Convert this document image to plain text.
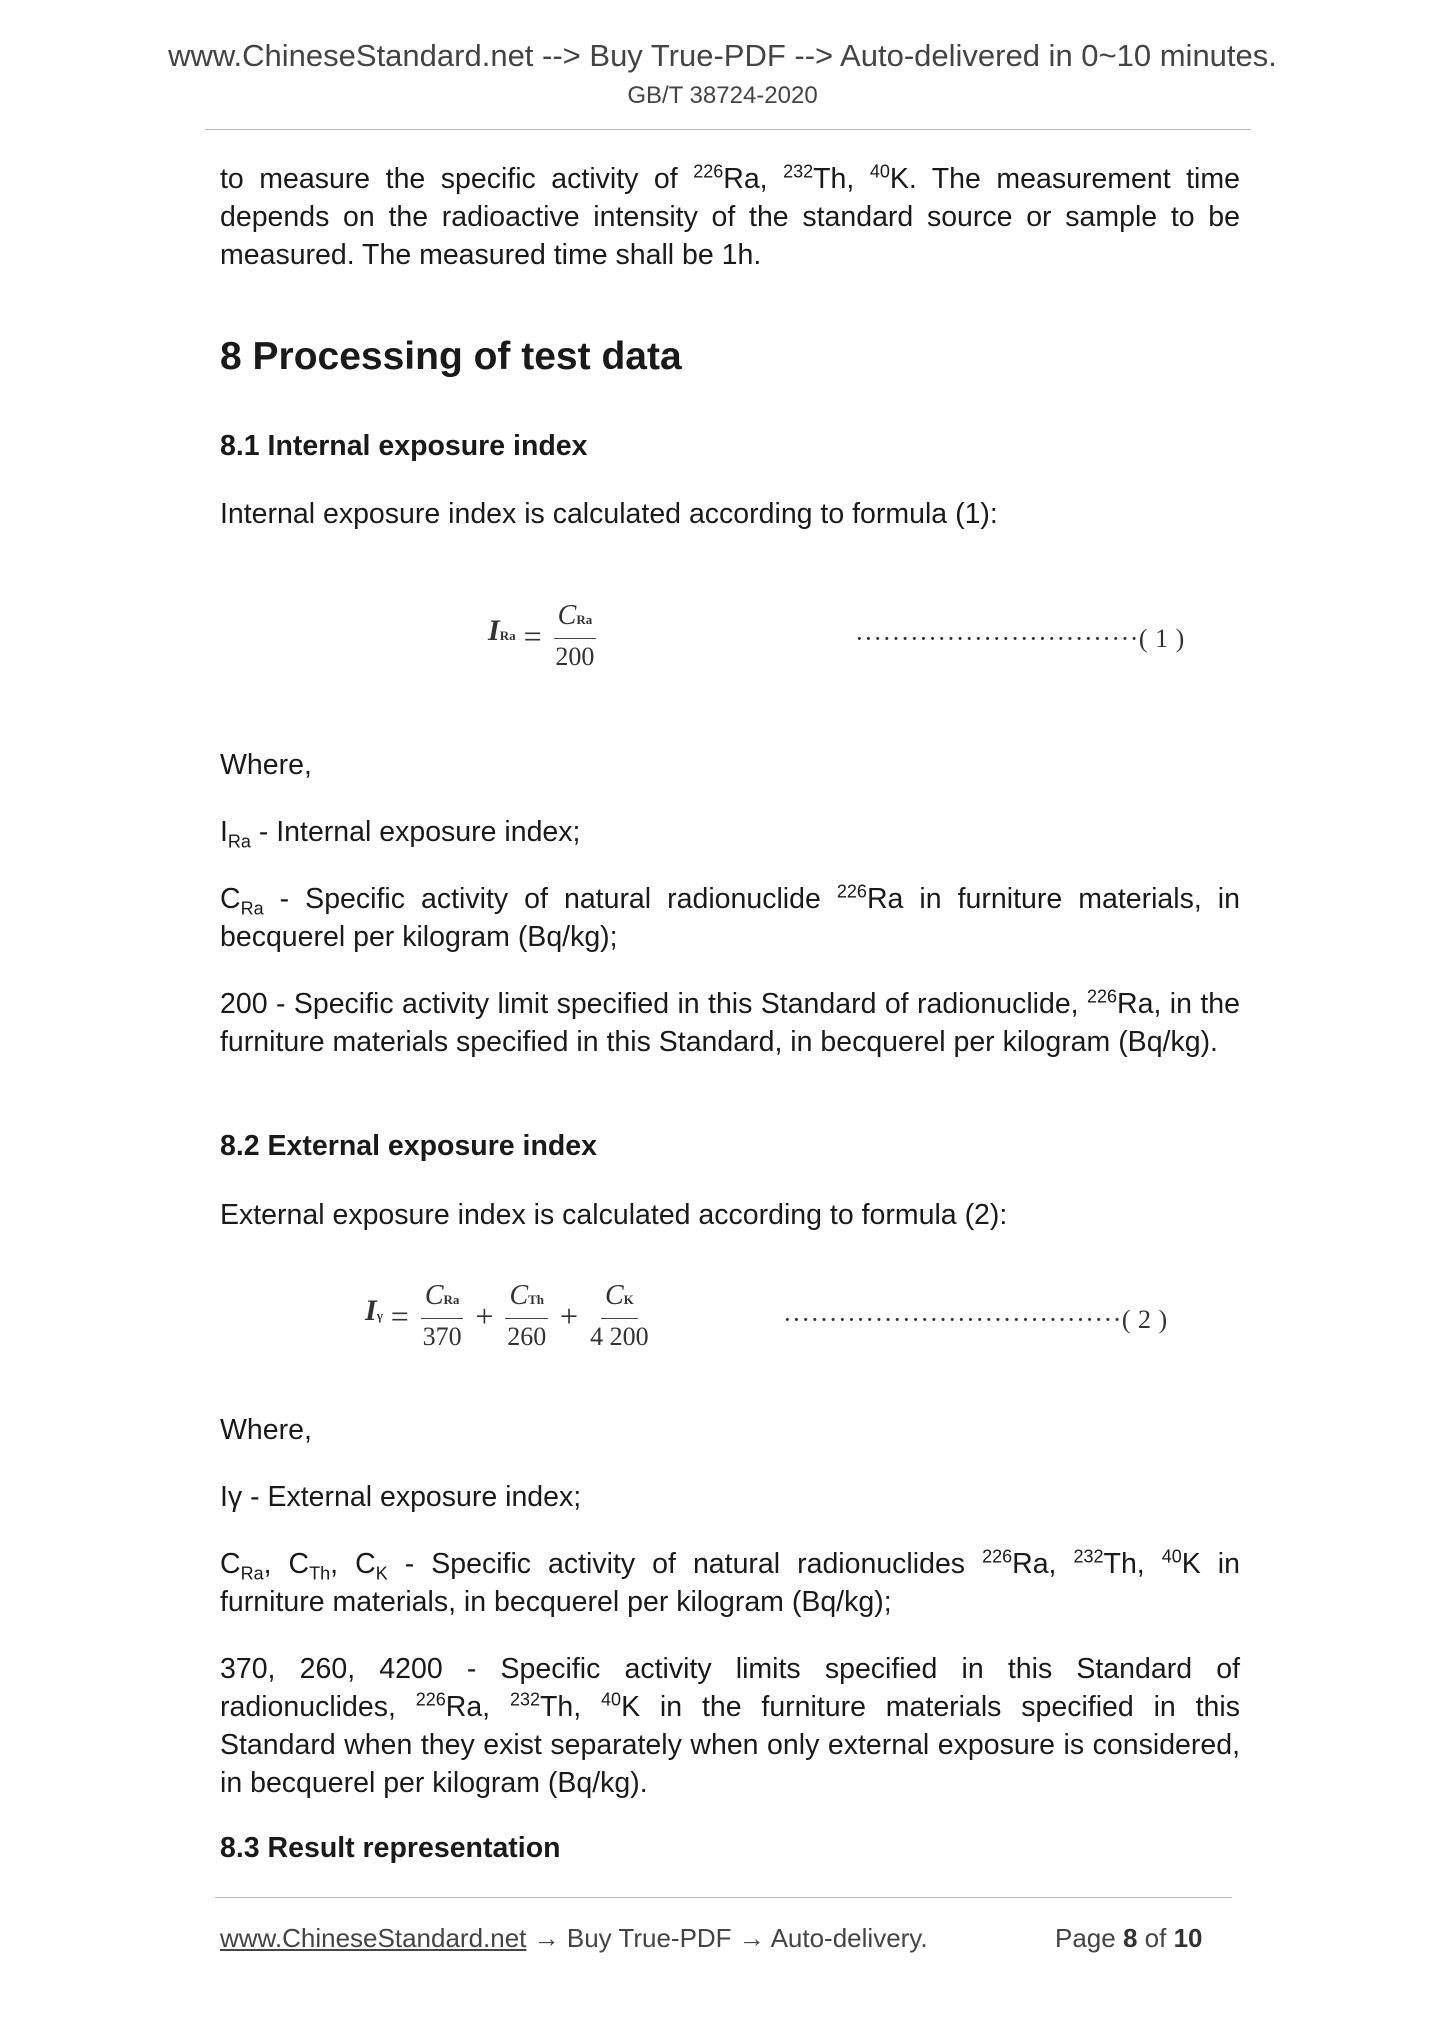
www.ChineseStandard.net --> Buy True-PDF --> Auto-delivered in 0~10 minutes.
GB/T 38724-2020

to measure the specific activity of $^{226}$Ra, $^{232}$Th, $^{40}$K. The measurement time depends on the radioactive intensity of the standard source or sample to be measured. The measured time shall be 1h.

8 Processing of test data
8.1 Internal exposure index

Internal exposure index is calculated according to formula (1):

IRa = $\frac{\text{CRa}}{200}$	·······························( 1 )

Where,

$I_{Ra}$ - Internal exposure index;

$C_{Ra}$ - Specific activity of natural radionuclide $^{226}$Ra in furniture materials, in becquerel per kilogram (Bq/kg);

200 - Specific activity limit specified in this Standard of radionuclide, $^{226}$Ra, in the furniture materials specified in this Standard, in becquerel per kilogram (Bq/kg).

8.2 External exposure index

External exposure index is calculated according to formula (2):

$I\gamma = \frac{\text{CRa}}{370} + \frac{\text{CTh}}{260} + \frac{CK}{4 200}$	·····································( 2 )

Where,

Iγ - External exposure index;

$C_{Ra}$, $C_{Th}$, $C_K$ - Specific activity of natural radionuclides $^{226}$Ra, $^{232}$Th, $^{40}$K in furniture materials, in becquerel per kilogram (Bq/kg);

370, 260, 4200 - Specific activity limits specified in this Standard of radionuclides, $^{226}$Ra, $^{232}$Th, $^{40}$K in the furniture materials specified in this Standard when they exist separately when only external exposure is considered, in becquerel per kilogram (Bq/kg).

8.3 Result representation
www.ChineseStandard.net → Buy True-PDF → Auto-delivery.	Page 8 of 10
